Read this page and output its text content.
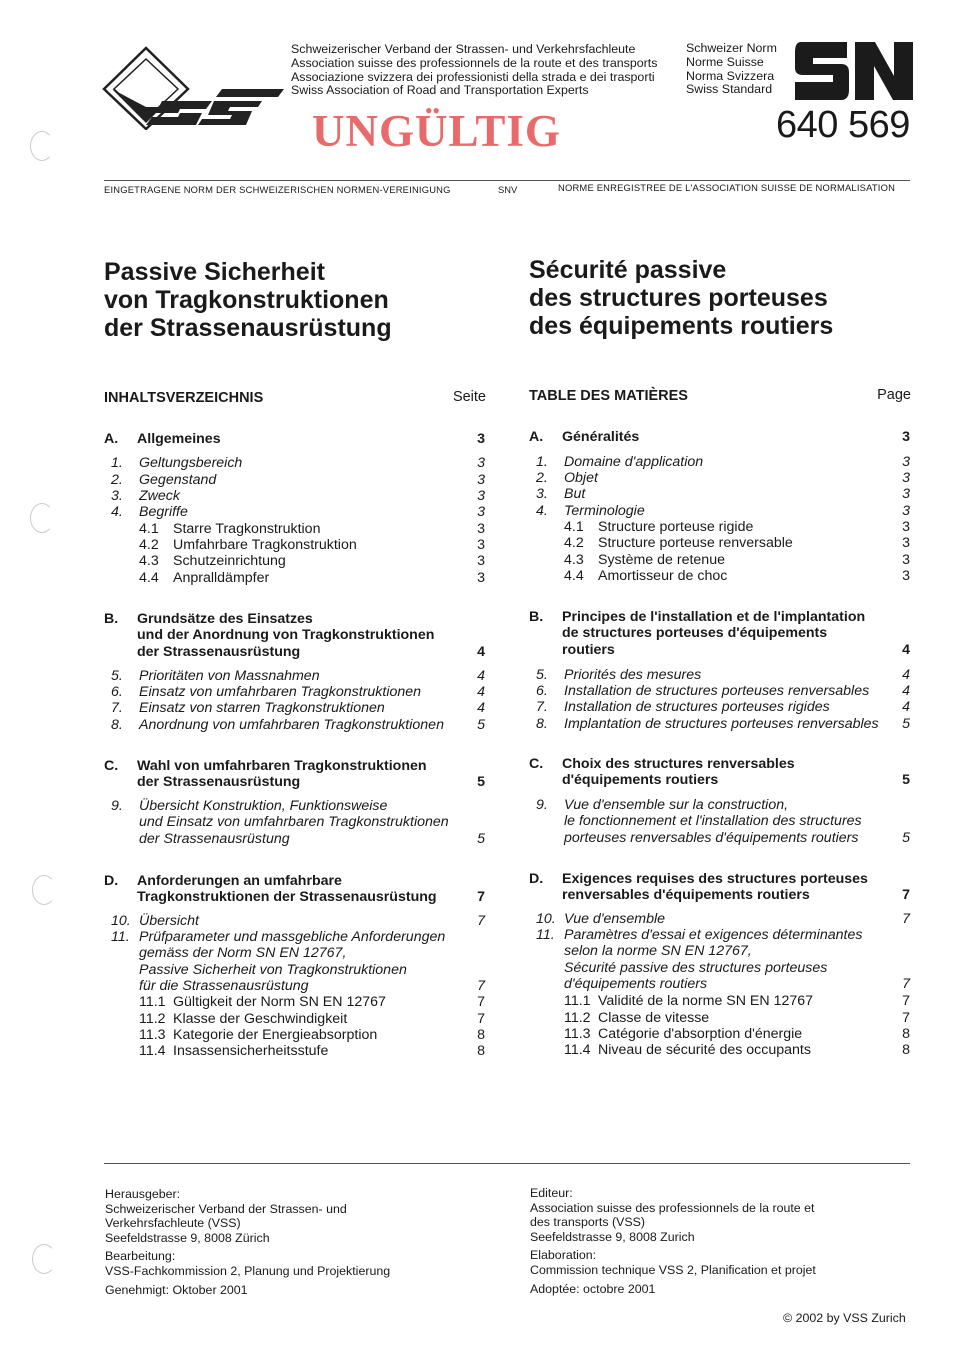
Schweizerischer Verband der Strassen- und Verkehrsfachleute
Association suisse des professionnels de la route et des transports
Associazione svizzera dei professionisti della strada e dei trasporti
Swiss Association of Road and Transportation Experts
Schweizer Norm
Norme Suisse
Norma Svizzera
Swiss Standard
640 569
UNGÜLTIG
EINGETRAGENE NORM DER SCHWEIZERISCHEN NORMEN-VEREINIGUNG	SNV	NORME ENREGISTREE DE L'ASSOCIATION SUISSE DE NORMALISATION
Passive Sicherheit
von Tragkonstruktionen
der Strassenausrüstung
INHALTSVERZEICHNIS	Seite
A. Allgemeines	3
1.	Geltungsbereich	3
2.	Gegenstand	3
3.	Zweck	3
4.	Begriffe	3
4.1 Starre Tragkonstruktion	3
4.2 Umfahrbare Tragkonstruktion	3
4.3 Schutzeinrichtung	3
4.4 Anpralldämpfer	3
B. Grundsätze des Einsatzes
und der Anordnung von Tragkonstruktionen
der Strassenausrüstung	4
5.	Prioritäten von Massnahmen	4
6.	Einsatz von umfahrbaren Tragkonstruktionen	4
7.	Einsatz von starren Tragkonstruktionen	4
8.	Anordnung von umfahrbaren Tragkonstruktionen	5
C. Wahl von umfahrbaren Tragkonstruktionen
der Strassenausrüstung	5
9.	Übersicht Konstruktion, Funktionsweise
und Einsatz von umfahrbaren Tragkonstruktionen
der Strassenausrüstung	5
D. Anforderungen an umfahrbare
Tragkonstruktionen der Strassenausrüstung	7
10. Übersicht	7
11. Prüfparameter und massgebliche Anforderungen
gemäss der Norm SN EN 12767,
Passive Sicherheit von Tragkonstruktionen
für die Strassenausrüstung	7
11.1 Gültigkeit der Norm SN EN 12767	7
11.2 Klasse der Geschwindigkeit	7
11.3 Kategorie der Energieabsorption	8
11.4 Insassensicherheitsstufe	8
Sécurité passive
des structures porteuses
des équipements routiers
TABLE DES MATIÈRES	Page
A. Généralités	3
1.	Domaine d'application	3
2.	Objet	3
3.	But	3
4.	Terminologie	3
4.1 Structure porteuse rigide	3
4.2 Structure porteuse renversable	3
4.3 Système de retenue	3
4.4 Amortisseur de choc	3
B. Principes de l'installation et de l'implantation
de structures porteuses d'équipements
routiers	4
5.	Priorités des mesures	4
6.	Installation de structures porteuses renversables	4
7.	Installation de structures porteuses rigides	4
8.	Implantation de structures porteuses renversables	5
C. Choix des structures renversables
d'équipements routiers	5
9.	Vue d'ensemble sur la construction,
le fonctionnement et l'installation des structures
porteuses renversables d'équipements routiers	5
D. Exigences requises des structures porteuses
renversables d'équipements routiers	7
10. Vue d'ensemble	7
11. Paramètres d'essai et exigences déterminantes
selon la norme SN EN 12767,
Sécurité passive des structures porteuses
d'équipements routiers	7
11.1 Validité de la norme SN EN 12767	7
11.2 Classe de vitesse	7
11.3 Catégorie d'absorption d'énergie	8
11.4 Niveau de sécurité des occupants	8
Herausgeber:
Schweizerischer Verband der Strassen- und
Verkehrsfachleute (VSS)
Seefeldstrasse 9, 8008 Zürich
Bearbeitung:
VSS-Fachkommission 2, Planung und Projektierung
Genehmigt: Oktober 2001
Editeur:
Association suisse des professionnels de la route et
des transports (VSS)
Seefeldstrasse 9, 8008 Zurich
Elaboration:
Commission technique VSS 2, Planification et projet
Adoptée: octobre 2001
© 2002 by VSS Zurich
